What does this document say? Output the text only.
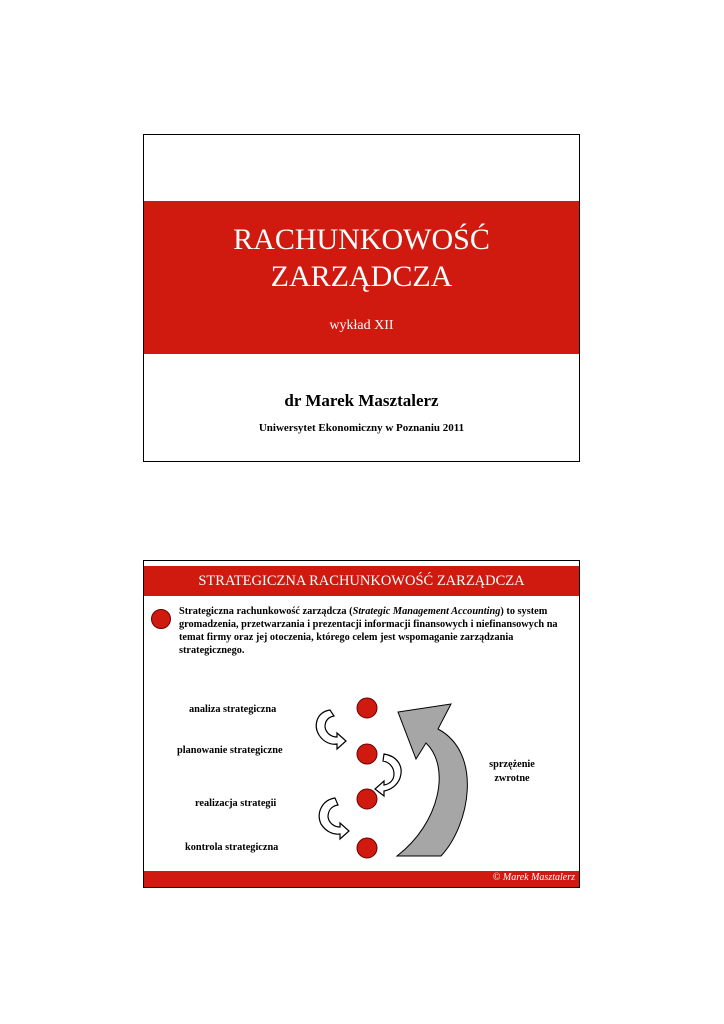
RACHUNKOWOŚĆ
ZARZĄDCZA
wykład XII
dr Marek Masztalerz
Uniwersytet Ekonomiczny w Poznaniu 2011
STRATEGICZNA RACHUNKOWOŚĆ ZARZĄDCZA
Strategiczna rachunkowość zarządcza (Strategic Management Accounting) to system gromadzenia, przetwarzania i prezentacji informacji finansowych i niefinansowych na temat firmy oraz jej otoczenia, którego celem jest wspomaganie zarządzania strategicznego.
analiza strategiczna
planowanie strategiczne
realizacja strategii
kontrola strategiczna
sprzężenie
zwrotne
© Marek Masztalerz
